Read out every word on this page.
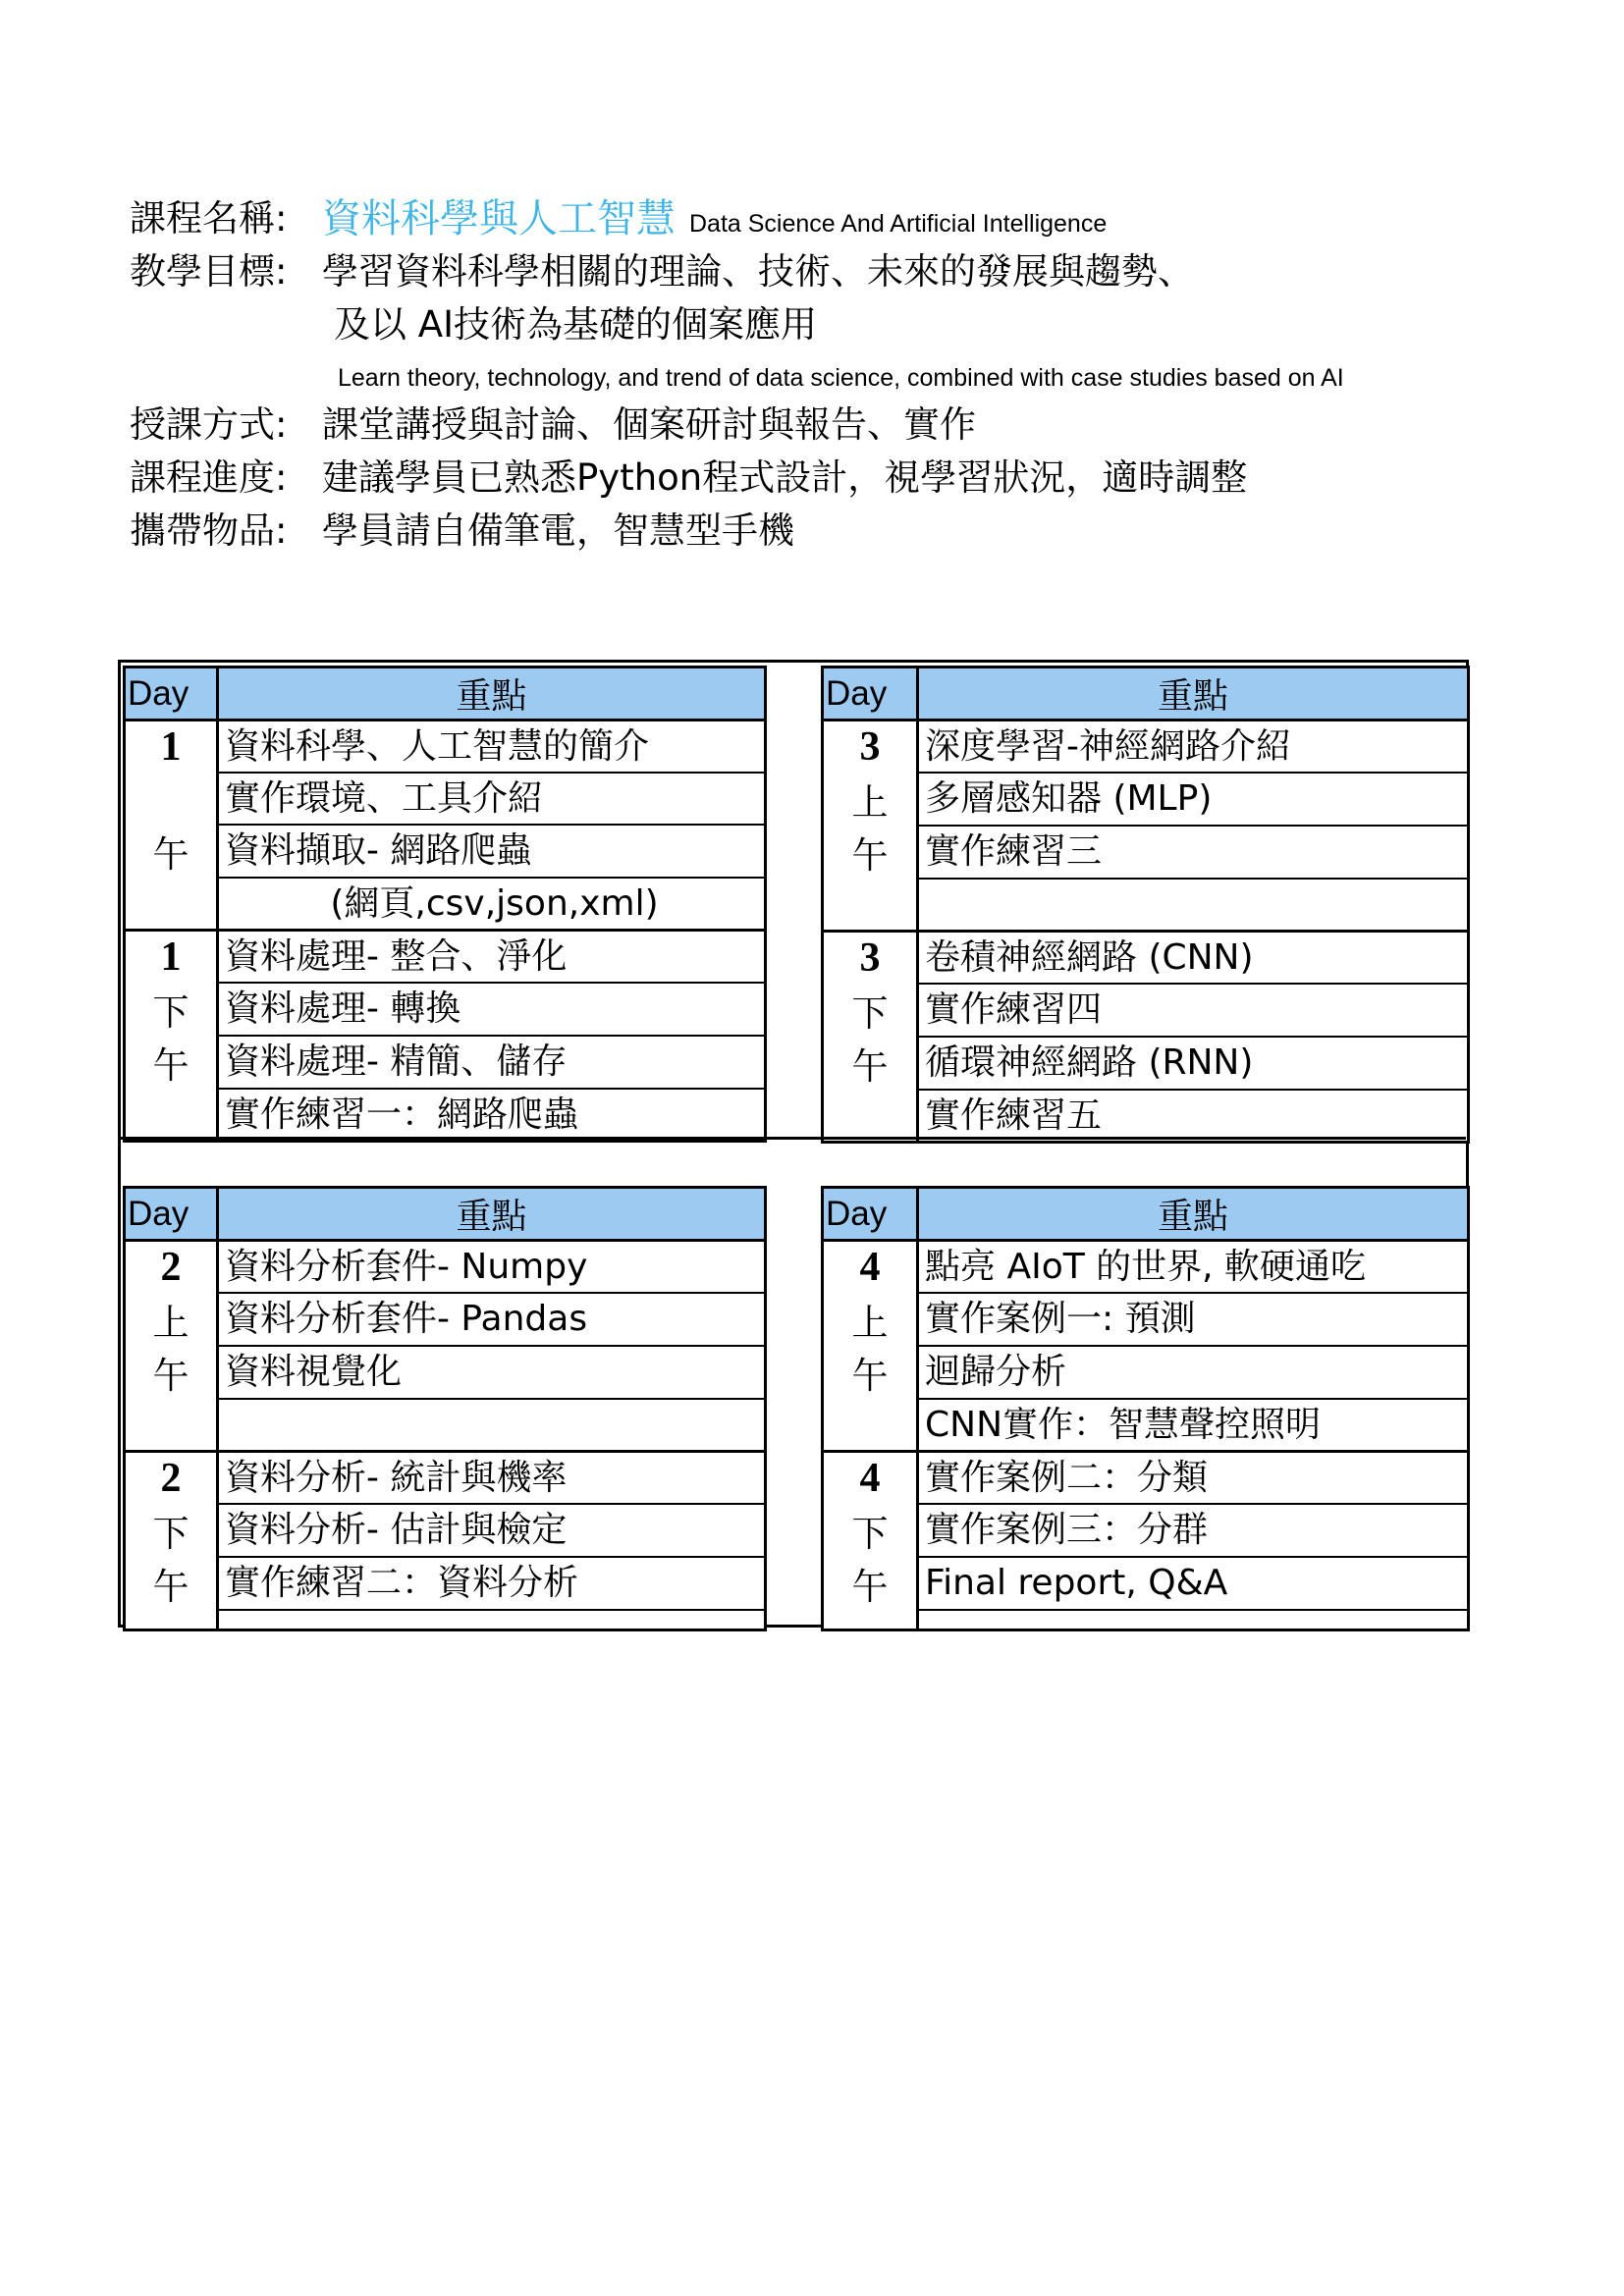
課程名稱: 資料科學與人工智慧 Data Science And Artificial Intelligence
教學目標: 學習資料科學相關的理論、技術、未來的發展與趨勢、
及以 AI技術為基礎的個案應用
Learn theory, technology, and trend of data science, combined with case studies based on AI
授課方式: 課堂講授與討論、個案研討與報告、實作
課程進度: 建議學員已熟悉Python程式設計，視學習狀況，適時調整
攜帶物品: 學員請自備筆電，智慧型手機
Day	重點
1	資料科學、人工智慧的簡介
	實作環境、工具介紹
午	資料擷取- 網路爬蟲
	(網頁,csv,json,xml)
1	資料處理- 整合、淨化
下	資料處理- 轉換
午	資料處理- 精簡、儲存
	實作練習一：網路爬蟲
Day	重點
3	深度學習-神經網路介紹
上	多層感知器 (MLP)
午	實作練習三

3	卷積神經網路 (CNN)
下	實作練習四
午	循環神經網路 (RNN)
	實作練習五
Day	重點
2	資料分析套件- Numpy
上	資料分析套件- Pandas
午	資料視覺化

2	資料分析- 統計與機率
下	資料分析- 估計與檢定
午	實作練習二：資料分析

Day	重點
4	點亮 AIoT 的世界, 軟硬通吃
上	實作案例一: 預測
午	迴歸分析
	CNN實作：智慧聲控照明
4	實作案例二：分類
下	實作案例三：分群
午	Final report, Q&A
